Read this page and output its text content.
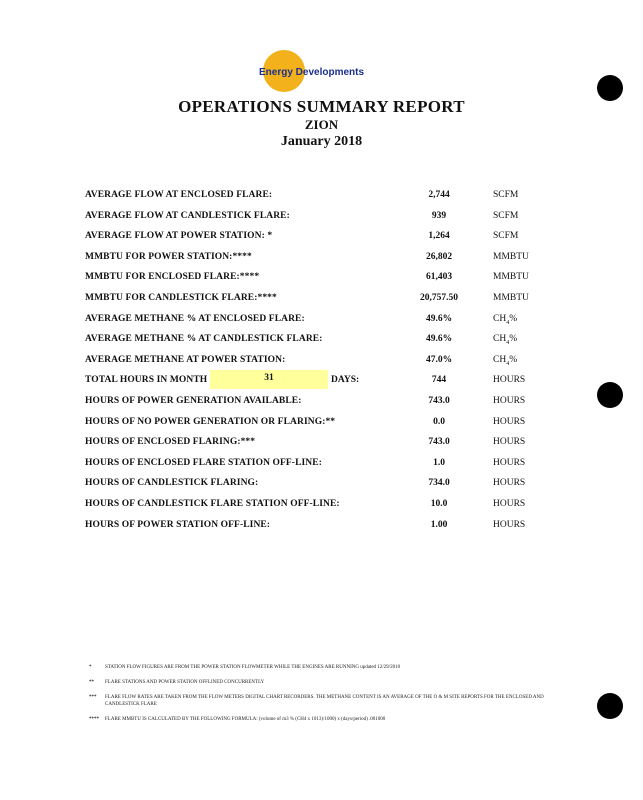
Energy Developments
OPERATIONS SUMMARY REPORT
ZION
January 2018
AVERAGE FLOW AT ENCLOSED FLARE:	2,744	SCFM
AVERAGE FLOW AT CANDLESTICK FLARE:	939	SCFM
AVERAGE FLOW AT POWER STATION: *	1,264	SCFM
MMBTU FOR POWER STATION:****	26,802	MMBTU
MMBTU FOR ENCLOSED FLARE:****	61,403	MMBTU
MMBTU FOR CANDLESTICK FLARE:****	20,757.50	MMBTU
AVERAGE METHANE % AT ENCLOSED FLARE:	49.6%	$CH_4\%$
AVERAGE METHANE % AT CANDLESTICK FLARE:	49.6%	$CH_4\%$
AVERAGE METHANE AT POWER STATION:	47.0%	$CH_4\%$
TOTAL HOURS IN MONTH	31	DAYS:	744	HOURS
HOURS OF POWER GENERATION AVAILABLE:	743.0	HOURS
HOURS OF NO POWER GENERATION OR FLARING:**	0.0	HOURS
HOURS OF ENCLOSED FLARING:***	743.0	HOURS
HOURS OF ENCLOSED FLARE STATION OFF-LINE:	1.0	HOURS
HOURS OF CANDLESTICK FLARING:	734.0	HOURS
HOURS OF CANDLESTICK FLARE STATION OFF-LINE:	10.0	HOURS
HOURS OF POWER STATION OFF-LINE:	1.00	HOURS
*	STATION FLOW FIGURES ARE FROM THE POWER STATION FLOWMETER WHILE THE ENGINES ARE RUNNING updated 12/29/2010
** FLARE STATIONS AND POWER STATION OFFLINED CONCURRENTLY
*** FLARE FLOW RATES ARE TAKEN FROM THE FLOW METERS DIGITAL CHART RECORDERS. THE METHANE CONTENT IS AN AVERAGE OF THE O & M SITE REPORTS FOR THE ENCLOSED AND CANDLESTICK FLARE
**** FLARE MMBTU IS CALCULATED BY THE FOLLOWING FORMULA: (volume of m3 % (CH4 x 1013)/1000) x (days/period) .001000
